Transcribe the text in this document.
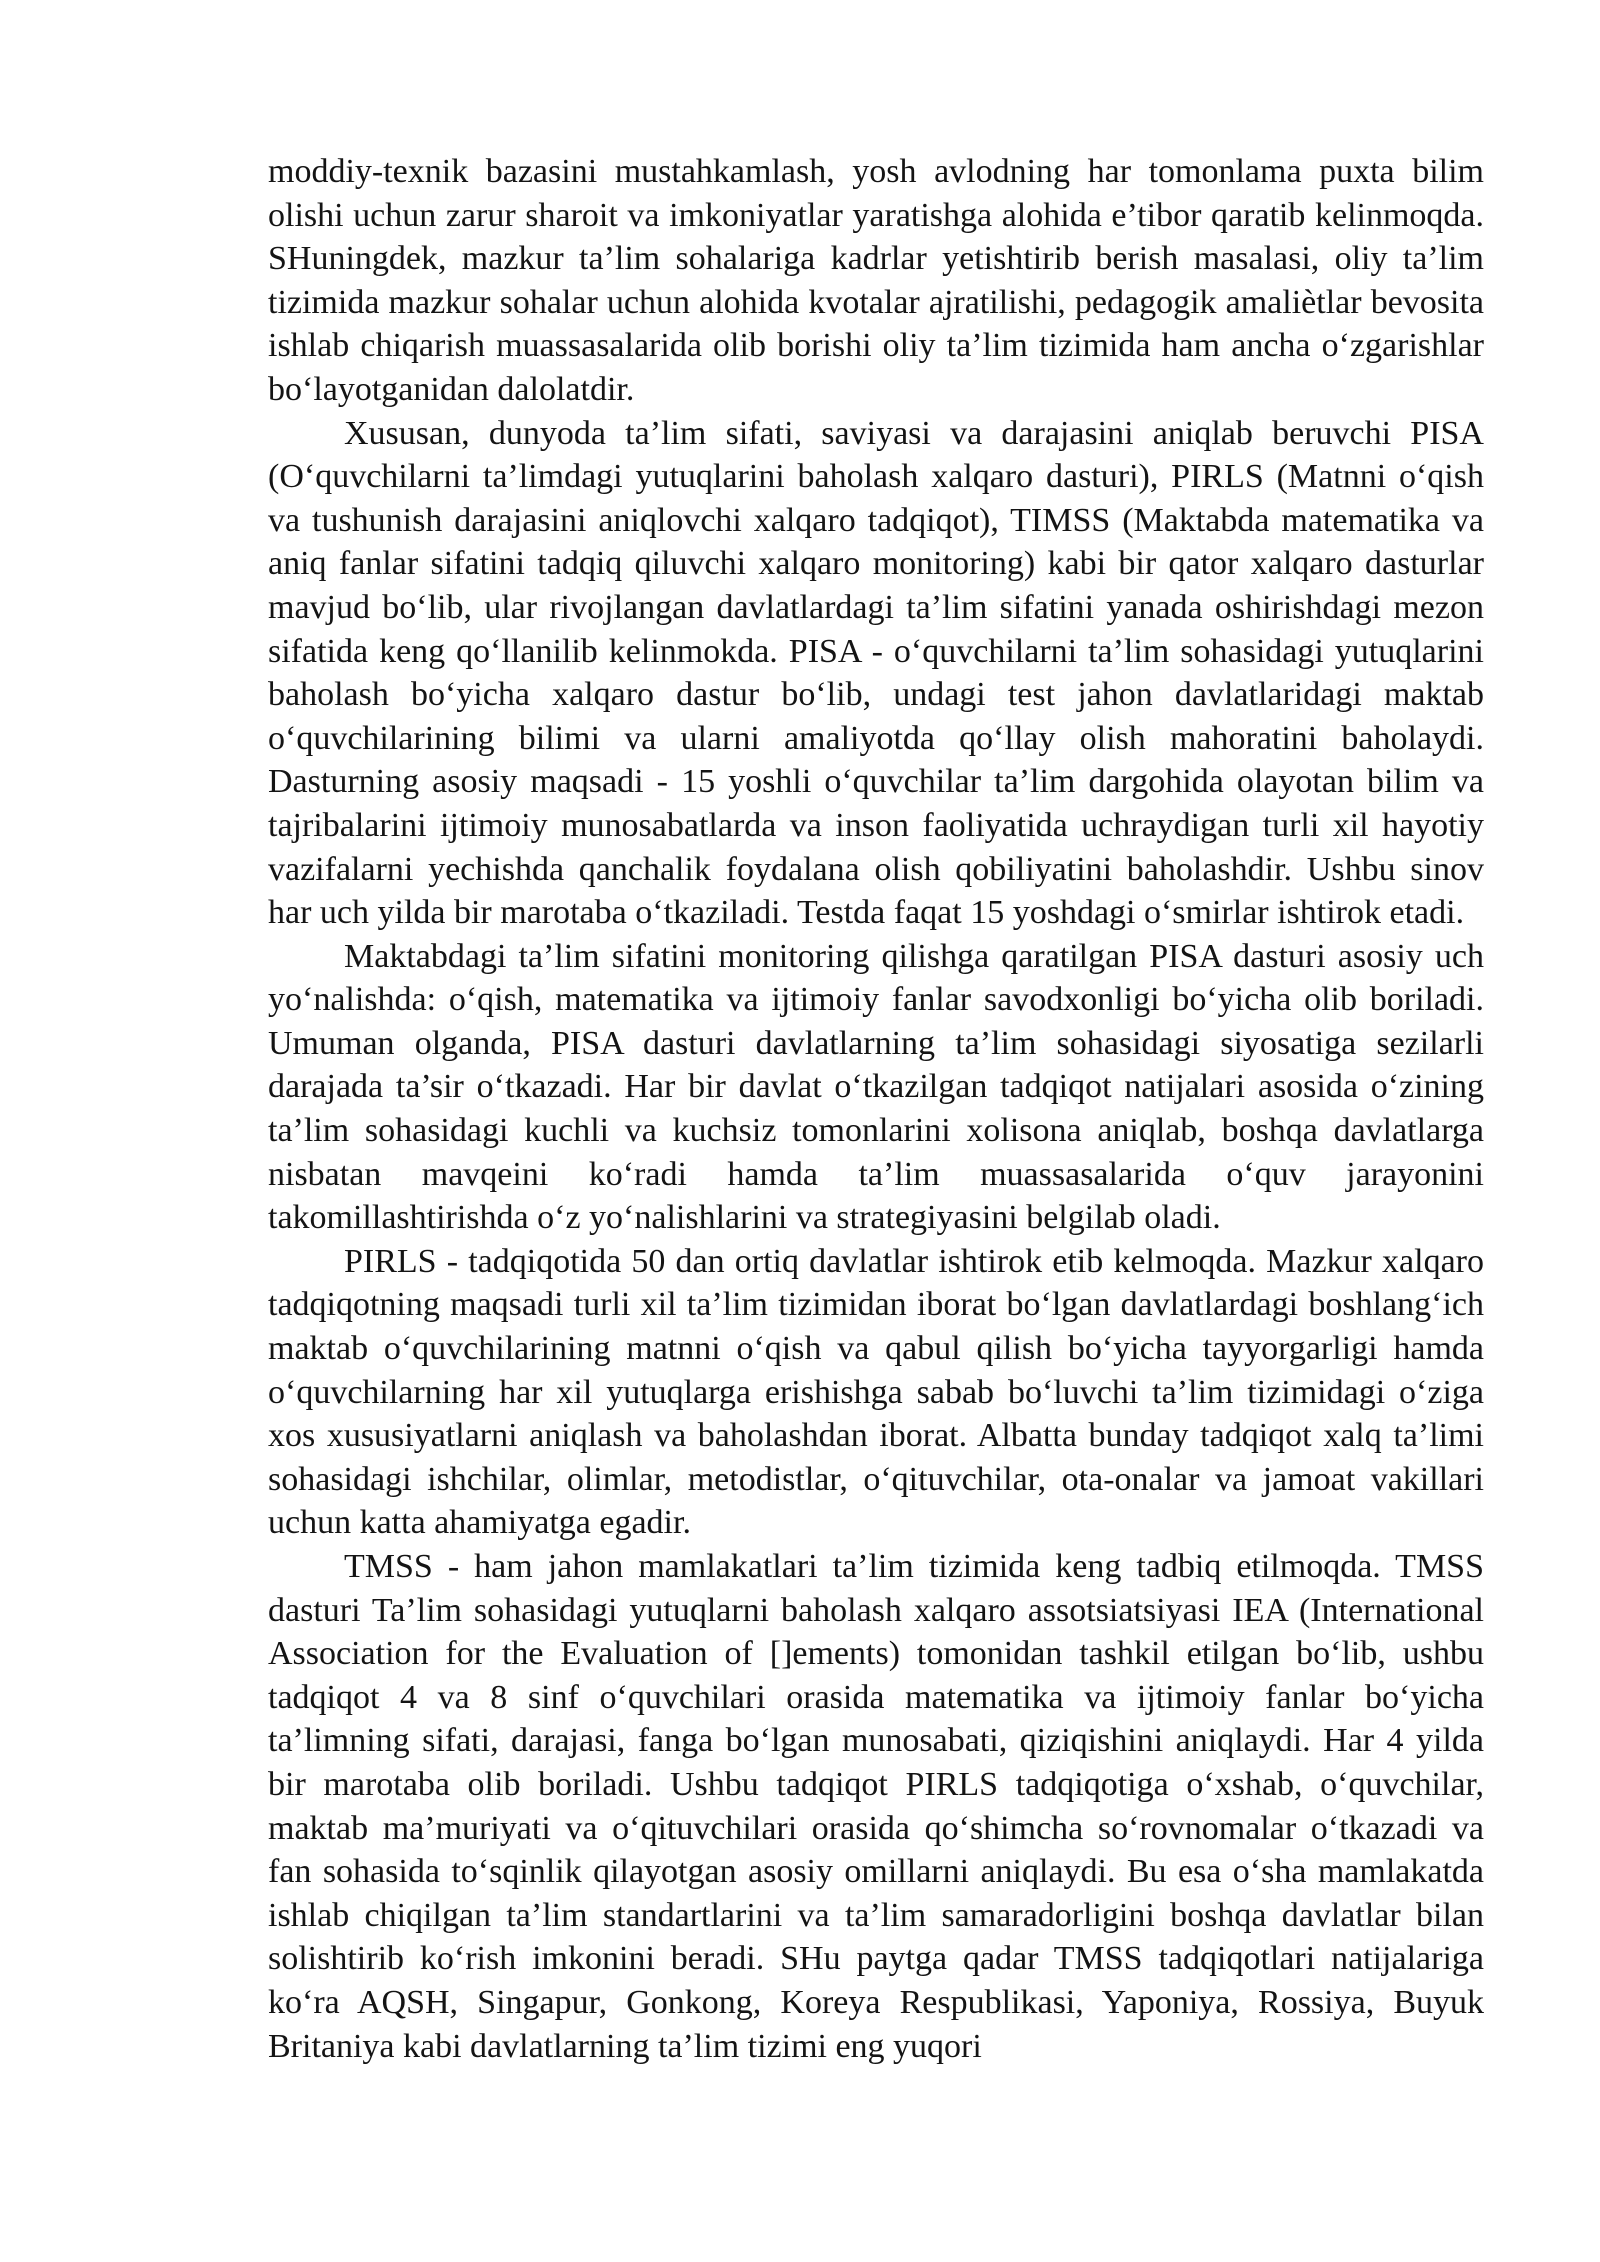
moddiy-texnik bazasini mustahkamlash, yosh avlodning har tomonlama puxta bilim olishi uchun zarur sharoit va imkoniyatlar yaratishga alohida e’tibor qaratib kelinmoqda. SHuningdek, mazkur ta’lim sohalariga kadrlar yetishtirib berish masalasi, oliy ta’lim tizimida mazkur sohalar uchun alohida kvotalar ajratilishi, pedagogik amaliètlar bevosita ishlab chiqarish muassasalarida olib borishi oliy ta’lim tizimida ham ancha o‘zgarishlar bo‘layotganidan dalolatdir.

Xususan, dunyoda ta’lim sifati, saviyasi va darajasini aniqlab beruvchi PISA (O‘quvchilarni ta’limdagi yutuqlarini baholash xalqaro dasturi), PIRLS (Matnni o‘qish va tushunish darajasini aniqlovchi xalqaro tadqiqot), TIMSS (Maktabda matematika va aniq fanlar sifatini tadqiq qiluvchi xalqaro monitoring) kabi bir qator xalqaro dasturlar mavjud bo‘lib, ular rivojlangan davlatlardagi ta’lim sifatini yanada oshirishdagi mezon sifatida keng qo‘llanilib kelinmokda. PISA - o‘quvchilarni ta’lim sohasidagi yutuqlarini baholash bo‘yicha xalqaro dastur bo‘lib, undagi test jahon davlatlaridagi maktab o‘quvchilarining bilimi va ularni amaliyotda qo‘llay olish mahoratini baholaydi. Dasturning asosiy maqsadi - 15 yoshli o‘quvchilar ta’lim dargohida olayotan bilim va tajribalarini ijtimoiy munosabatlarda va inson faoliyatida uchraydigan turli xil hayotiy vazifalarni yechishda qanchalik foydalana olish qobiliyatini baholashdir. Ushbu sinov har uch yilda bir marotaba o‘tkaziladi. Testda faqat 15 yoshdagi o‘smirlar ishtirok etadi.

Maktabdagi ta’lim sifatini monitoring qilishga qaratilgan PISA dasturi asosiy uch yo‘nalishda: o‘qish, matematika va ijtimoiy fanlar savodxonligi bo‘yicha olib boriladi. Umuman olganda, PISA dasturi davlatlarning ta’lim sohasidagi siyosatiga sezilarli darajada ta’sir o‘tkazadi. Har bir davlat o‘tkazilgan tadqiqot natijalari asosida o‘zining ta’lim sohasidagi kuchli va kuchsiz tomonlarini xolisona aniqlab, boshqa davlatlarga nisbatan mavqeini ko‘radi hamda ta’lim muassasalarida o‘quv jarayonini takomillashtirishda o‘z yo‘nalishlarini va strategiyasini belgilab oladi.

PIRLS - tadqiqotida 50 dan ortiq davlatlar ishtirok etib kelmoqda. Mazkur xalqaro tadqiqotning maqsadi turli xil ta’lim tizimidan iborat bo‘lgan davlatlardagi boshlang‘ich maktab o‘quvchilarining matnni o‘qish va qabul qilish bo‘yicha tayyorgarligi hamda o‘quvchilarning har xil yutuqlarga erishishga sabab bo‘luvchi ta’lim tizimidagi o‘ziga xos xususiyatlarni aniqlash va baholashdan iborat. Albatta bunday tadqiqot xalq ta’limi sohasidagi ishchilar, olimlar, metodistlar, o‘qituvchilar, ota-onalar va jamoat vakillari uchun katta ahamiyatga egadir.

TMSS - ham jahon mamlakatlari ta’lim tizimida keng tadbiq etilmoqda. TMSS dasturi Ta’lim sohasidagi yutuqlarni baholash xalqaro assotsiatsiyasi IEA (International Association for the Evaluation of []ements) tomonidan tashkil etilgan bo‘lib, ushbu tadqiqot 4 va 8 sinf o‘quvchilari orasida matematika va ijtimoiy fanlar bo‘yicha ta’limning sifati, darajasi, fanga bo‘lgan munosabati, qiziqishini aniqlaydi. Har 4 yilda bir marotaba olib boriladi. Ushbu tadqiqot PIRLS tadqiqotiga o‘xshab, o‘quvchilar, maktab ma’muriyati va o‘qituvchilari orasida qo‘shimcha so‘rovnomalar o‘tkazadi va fan sohasida to‘sqinlik qilayotgan asosiy omillarni aniqlaydi. Bu esa o‘sha mamlakatda ishlab chiqilgan ta’lim standartlarini va ta’lim samaradorligini boshqa davlatlar bilan solishtirib ko‘rish imkonini beradi. SHu paytga qadar TMSS tadqiqotlari natijalariga ko‘ra AQSH, Singapur, Gonkong, Koreya Respublikasi, Yaponiya, Rossiya, Buyuk Britaniya kabi davlatlarning ta’lim tizimi eng yuqori
